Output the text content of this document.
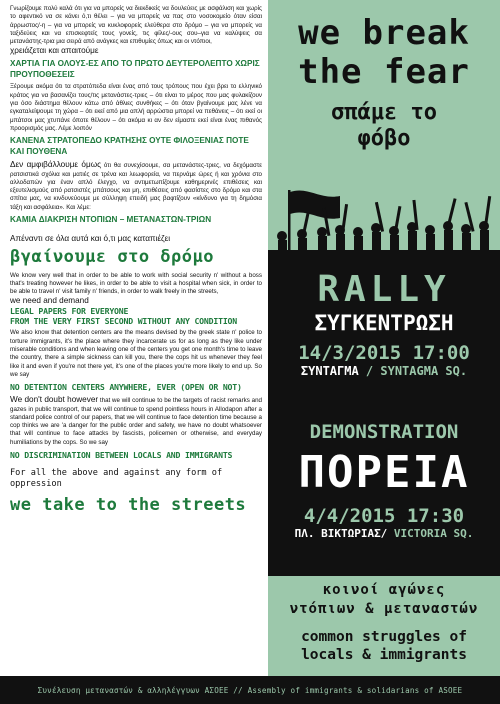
Γνωρίζουμε πολύ καλά ότι για να μπορείς να διεκδικείς να δουλεύεις με ασφάλιση και χωρίς το αφεντικό να σε κάνει ό,τι θέλει – για να μπορείς να πας στο νοσοκομείο όταν είσαι άρρωστος/-η – για να μπορείς να κυκλοφορείς ελεύθερα στο δρόμο – για να μπορείς να ταξιδεύεις και να επισκεφτείς τους γονείς, τις φίλες/-ους σου–για να καλύψεις σα μετανάστης-τρια μια σειρά από ανάγκες και επιθυμίες όπως και οι ντόπιοι,

χρειάζεται και απαιτούμε

ΧΑΡΤΙΑ ΓΙΑ ΟΛΟΥΣ-ΕΣ ΑΠΟ ΤΟ ΠΡΩΤΟ ΔΕΥΤΕΡΟΛΕΠΤΟ ΧΩΡΙΣ ΠΡΟΥΠΟΘΕΣΕΙΣ

Ξέρουμε ακόμα ότι τα στρατόπεδα είναι ένας από τους τρόπους που έχει βρει το ελληνικό κράτος για να βασανίζει τους/τις μετανάστες-τριες – ότι είναι το μέρος που μας φυλακίζουν για όσο διάστημα θέλουν κάτω από άθλιες συνθήκες – ότι όταν βγαίνουμε μας λένε να εγκαταλείψουμε τη χώρα – ότι εκεί από μια απλή αρρώστια μπορεί να πεθάνεις – ότι εκεί οι μπάτσοι μας χτυπάνε όποτε θέλουν – ότι ακόμα κι αν δεν είμαστε εκεί είναι ένας πιθανός προορισμός μας. Λέμε λοιπόν

ΚΑΝΕΝΑ ΣΤΡΑΤΟΠΕΔΟ ΚΡΑΤΗΣΗΣ ΟΥΤΕ ΦΙΛΟΞΕΝΙΑΣ ΠΟΤΕ ΚΑΙ ΠΟΥΘΕΝΑ

Δεν αμφιβάλλουμε όμως ότι θα συνεχίσουμε, σα μετανάστες-τριες, να δεχόμαστε ρατσιστικά σχόλια και ματιές σε τρένα και λεωφορεία, να περνάμε ώρες ή και χρόνια στο αλλοδαπών για έναν απλό έλεγχο, να αντιμετωπίζουμε καθημερινές επιθέσεις και εξευτελισμούς από ρατσιστές μπάτσους και μη, επιθέσεις από φασίστες στο δρόμο και στα σπίτια μας, να κινδυνεύουμε με σύλληψη επειδή μας βαφτίζουν «κίνδυνο για τη δημόσια τάξη και ασφάλεια». Και λέμε:

ΚΑΜΙΑ ΔΙΑΚΡΙΣΗ ΝΤΟΠΙΩΝ – ΜΕΤΑΝΑΣΤΩΝ-ΤΡΙΩΝ

Απέναντι σε όλα αυτά και ό,τι μας καταπιέζει

βγαίνουμε στο δρόμο

We know very well that in order to be able to work with social security n' without a boss that's treating however he likes, in order to be able to visit a hospital when sick, in order to be able to travel n' visit family n' friends, in order to walk freely in the streets,

we need and demand

LEGAL PAPERS FOR EVERYONE

FROM THE VERY FIRST SECOND WITHOUT ANY CONDITION

We also know that detention centers are the means devised by the greek state n' police to torture immigrants, it's the place where they incarcerate us for as long as they like under miserable conditions and when leaving one of the centers you get one month's time to leave the country, there a simple sickness can kill you, there the cops hit us whenever they feel like it and even if you're not there yet, it's one of the places you're more likely to end up. So we say

NO DETENTION CENTERS ANYWHERE, EVER (OPEN OR NOT)

We don't doubt however that we will continue to be the targets of racist remarks and gazes in public transport, that we will continue to spend pointless hours in Allodapon after a standard police control of our papers, that we will continue to face detention time because a cop thinks we are 'a danger for the public order and safety, we have no doubt whatsoever that will continue to face attacks by fascists, policemen or otherwise, and everyday humiliations by the cops. So we say

NO DISCRIMINATION BETWEEN LOCALS AND IMMIGRANTS

For all the above and against any form of oppression

we take to the streets

we break
the fear
σπάμε το
φόβο
RALLY
ΣΥΓΚΕΝΤΡΩΣΗ
14/3/2015 17:00
ΣΥΝΤΑΓΜΑ / SYNTAGMA SQ.
DEMONSTRATION
ΠΟΡΕΙΑ
4/4/2015 17:30
ΠΛ. ΒΙΚΤΩΡΙΑΣ/ VICTORIA SQ.
κοινοί αγώνες
ντόπιων & μεταναστών
common struggles of
locals & immigrants
Συνέλευση μεταναστών & αλληλέγγυων ΑΣΟΕΕ // Assembly of immigrants & solidarians of ASOEE
